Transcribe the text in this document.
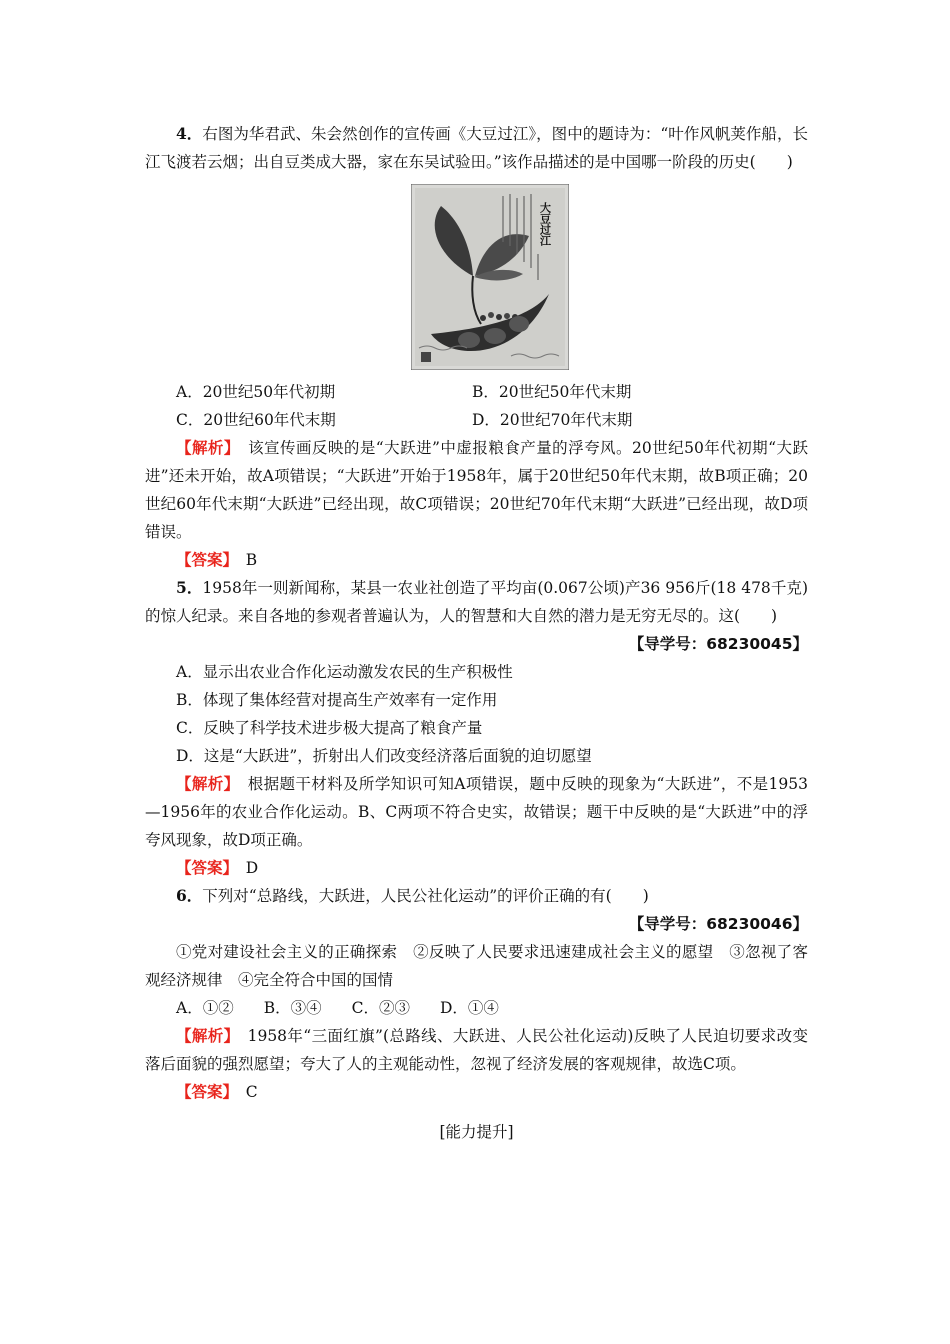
4．右图为华君武、朱会然创作的宣传画《大豆过江》，图中的题诗为：“叶作风帆荚作船，长江飞渡若云烟；出自豆类成大器，家在东吴试验田。”该作品描述的是中国哪一阶段的历史(　　)

大豆过江
A．20世纪50年代初期	B．20世纪50年代末期
C．20世纪60年代末期	D．20世纪70年代末期

【解析】　 该宣传画反映的是“大跃进”中虚报粮食产量的浮夸风。20世纪50年代初期“大跃进”还未开始，故A项错误；“大跃进”开始于1958年，属于20世纪50年代末期，故B项正确；20世纪60年代末期“大跃进”已经出现，故C项错误；20世纪70年代末期“大跃进”已经出现，故D项错误。

【答案】　 B

5．1958年一则新闻称，某县一农业社创造了平均亩(0.067公顷)产36 956斤(18 478千克)的惊人纪录。来自各地的参观者普遍认为，人的智慧和大自然的潜力是无穷无尽的。这(　　)

【导学号：68230045】

A．显示出农业合作化运动激发农民的生产积极性

B．体现了集体经营对提高生产效率有一定作用

C．反映了科学技术进步极大提高了粮食产量

D．这是“大跃进”，折射出人们改变经济落后面貌的迫切愿望

【解析】　 根据题干材料及所学知识可知A项错误，题中反映的现象为“大跃进”，不是1953—1956年的农业合作化运动。B、C两项不符合史实，故错误；题干中反映的是“大跃进”中的浮夸风现象，故D项正确。

【答案】　 D

6．下列对“总路线，大跃进，人民公社化运动”的评价正确的有(　　)

【导学号：68230046】

①党对建设社会主义的正确探索　②反映了人民要求迅速建成社会主义的愿望　③忽视了客观经济规律　④完全符合中国的国情

A．①② B．③④ C．②③ D．①④

【解析】　 1958年“三面红旗”(总路线、大跃进、人民公社化运动)反映了人民迫切要求改变落后面貌的强烈愿望；夸大了人的主观能动性，忽视了经济发展的客观规律，故选C项。

【答案】　 C

[能力提升]
